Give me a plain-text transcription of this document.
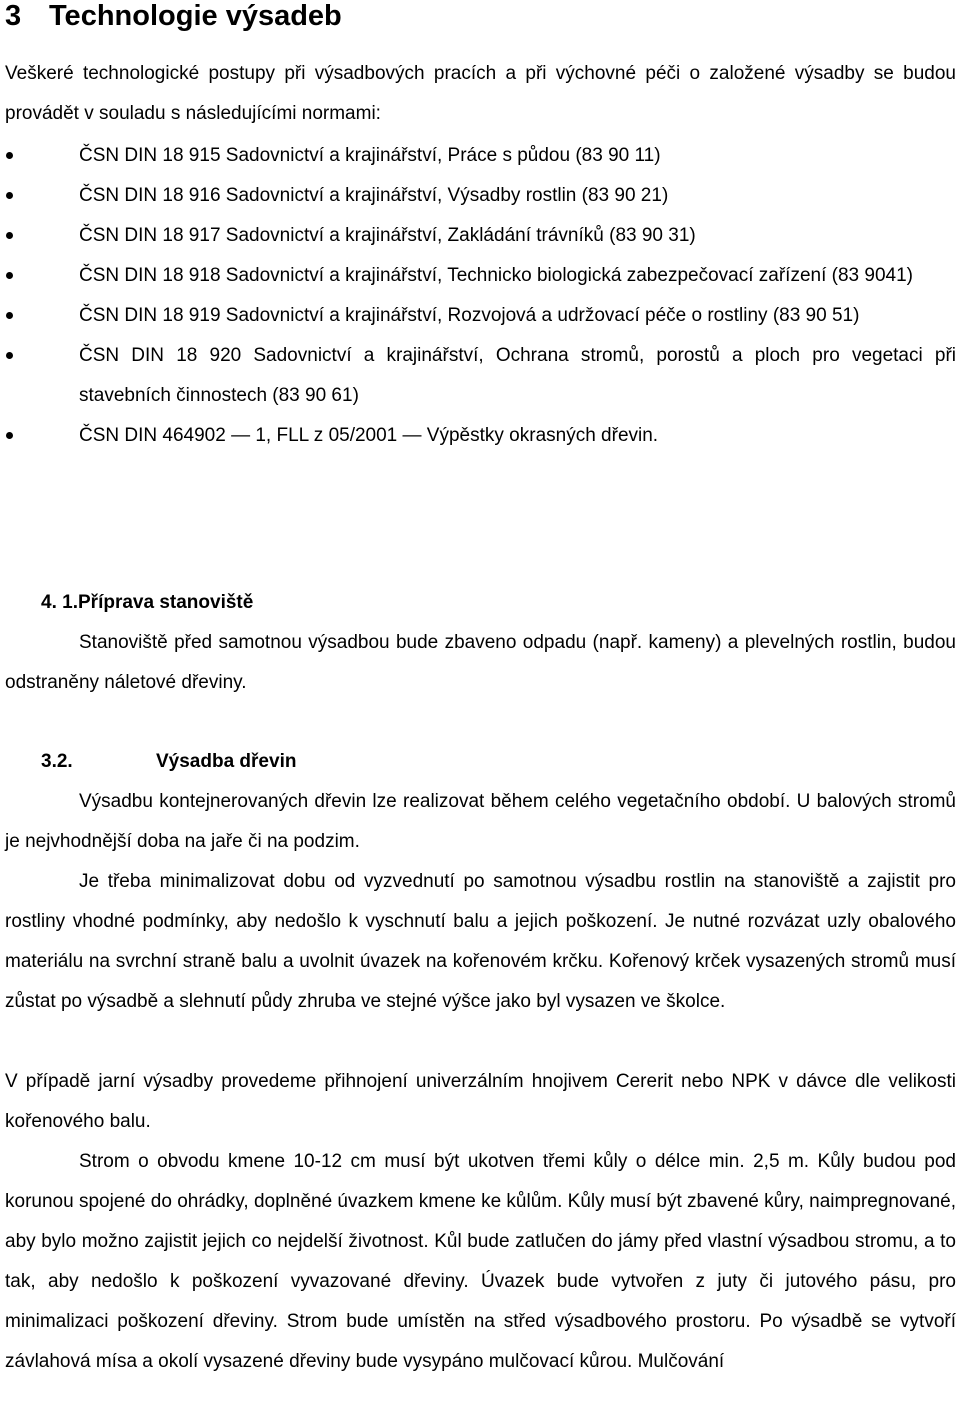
3 Technologie výsadeb

Veškeré technologické postupy při výsadbových pracích a při výchovné péči o založené výsadby se budou provádět v souladu s následujícími normami:

ČSN DIN 18 915 Sadovnictví a krajinářství, Práce s půdou (83 90 11)
ČSN DIN 18 916 Sadovnictví a krajinářství, Výsadby rostlin (83 90 21)
ČSN DIN 18 917 Sadovnictví a krajinářství, Zakládání trávníků (83 90 31)
ČSN DIN 18 918 Sadovnictví a krajinářství, Technicko biologická zabezpečovací zařízení (83 9041)
ČSN DIN 18 919 Sadovnictví a krajinářství, Rozvojová a udržovací péče o rostliny (83 90 51)
ČSN DIN 18 920 Sadovnictví a krajinářství, Ochrana stromů, porostů a ploch pro vegetaci při stavebních činnostech (83 90 61)
ČSN DIN 464902 — 1, FLL z 05/2001 — Výpěstky okrasných dřevin.
4. 1.Příprava stanoviště

Stanoviště před samotnou výsadbou bude zbaveno odpadu (např. kameny) a plevelných rostlin, budou odstraněny náletové dřeviny.

3.2.	Výsadba dřevin

Výsadbu kontejnerovaných dřevin lze realizovat během celého vegetačního období. U balových stromů je nejvhodnější doba na jaře či na podzim.

Je třeba minimalizovat dobu od vyzvednutí po samotnou výsadbu rostlin na stanoviště a zajistit pro rostliny vhodné podmínky, aby nedošlo k vyschnutí balu a jejich poškození. Je nutné rozvázat uzly obalového materiálu na svrchní straně balu a uvolnit úvazek na kořenovém krčku. Kořenový krček vysazených stromů musí zůstat po výsadbě a slehnutí půdy zhruba ve stejné výšce jako byl vysazen ve školce.

V případě jarní výsadby provedeme přihnojení univerzálním hnojivem Cererit nebo NPK v dávce dle velikosti kořenového balu.

Strom o obvodu kmene 10-12 cm musí být ukotven třemi kůly o délce min. 2,5 m. Kůly budou pod korunou spojené do ohrádky, doplněné úvazkem kmene ke kůlům. Kůly musí být zbavené kůry, naimpregnované, aby bylo možno zajistit jejich co nejdelší životnost. Kůl bude zatlučen do jámy před vlastní výsadbou stromu, a to tak, aby nedošlo k poškození vyvazované dřeviny. Úvazek bude vytvořen z juty či jutového pásu, pro minimalizaci poškození dřeviny. Strom bude umístěn na střed výsadbového prostoru. Po výsadbě se vytvoří závlahová mísa a okolí vysazené dřeviny bude vysypáno mulčovací kůrou. Mulčování
